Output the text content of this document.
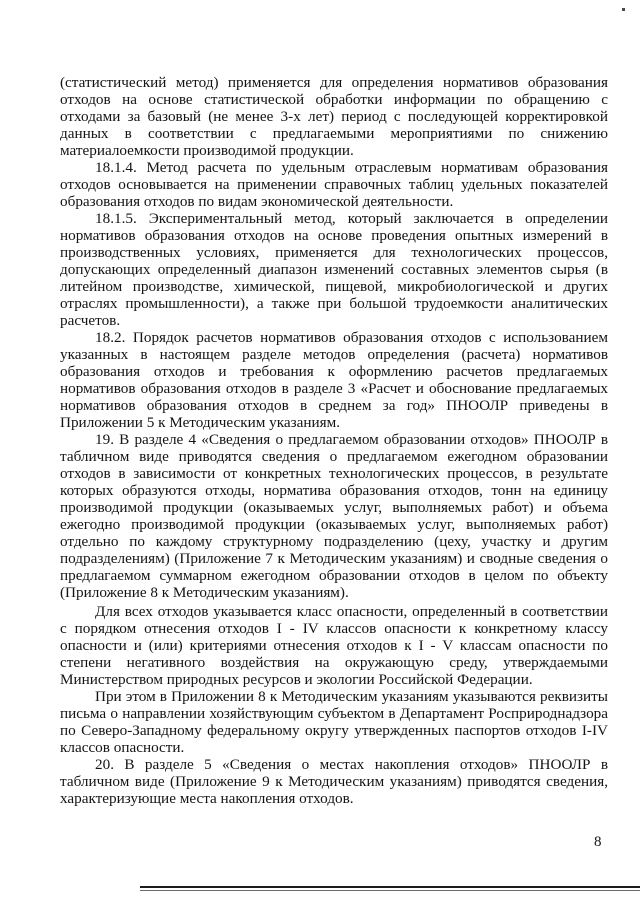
(статистический метод) применяется для определения нормативов образования
отходов на основе статистической обработки информации по обращению с
отходами за базовый (не менее 3-х лет) период с последующей корректировкой
данных в соответствии с предлагаемыми мероприятиями по снижению
материалоемкости производимой продукции.
18.1.4. Метод расчета по удельным отраслевым нормативам образования
отходов основывается на применении справочных таблиц удельных показателей
образования отходов по видам экономической деятельности.
18.1.5. Экспериментальный метод, который заключается в определении
нормативов образования отходов на основе проведения опытных измерений в
производственных условиях, применяется для технологических процессов,
допускающих определенный диапазон изменений составных элементов сырья (в
литейном производстве, химической, пищевой, микробиологической и других
отраслях промышленности), а также при большой трудоемкости аналитических
расчетов.
18.2. Порядок расчетов нормативов образования отходов с использованием
указанных в настоящем разделе методов определения (расчета) нормативов
образования отходов и требования к оформлению расчетов предлагаемых
нормативов образования отходов в разделе 3 «Расчет и обоснование предлагаемых
нормативов образования отходов в среднем за год» ПНООЛР приведены в
Приложении 5 к Методическим указаниям.
19. В разделе 4 «Сведения о предлагаемом образовании отходов» ПНООЛР в
табличном виде приводятся сведения о предлагаемом ежегодном образовании
отходов в зависимости от конкретных технологических процессов, в результате
которых образуются отходы, норматива образования отходов, тонн на единицу
производимой продукции (оказываемых услуг, выполняемых работ) и объема
ежегодно производимой продукции (оказываемых услуг, выполняемых работ)
отдельно по каждому структурному подразделению (цеху, участку и другим
подразделениям) (Приложение 7 к Методическим указаниям) и сводные сведения о
предлагаемом суммарном ежегодном образовании отходов в целом по объекту
(Приложение 8 к Методическим указаниям).
Для всех отходов указывается класс опасности, определенный в соответствии
с порядком отнесения отходов I - IV классов опасности к конкретному классу
опасности и (или) критериями отнесения отходов к I - V классам опасности по
степени негативного воздействия на окружающую среду, утверждаемыми
Министерством природных ресурсов и экологии Российской Федерации.
При этом в Приложении 8 к Методическим указаниям указываются реквизиты
письма о направлении хозяйствующим субъектом в Департамент Росприроднадзора
по Северо-Западному федеральному округу утвержденных паспортов отходов I-IV
классов опасности.
20. В разделе 5 «Сведения о местах накопления отходов» ПНООЛР в
табличном виде (Приложение 9 к Методическим указаниям) приводятся сведения,
характеризующие места накопления отходов.
8
